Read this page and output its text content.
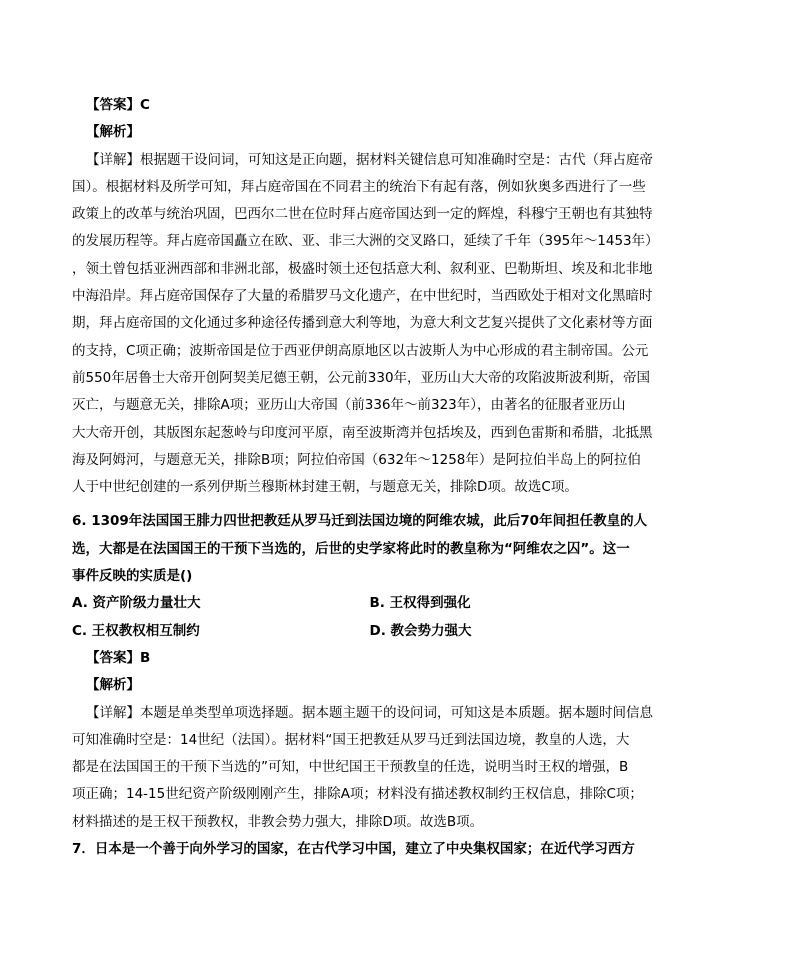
【答案】C
【解析】
【详解】根据题干设问词，可知这是正向题，据材料关键信息可知准确时空是：古代（拜占庭帝
国）。根据材料及所学可知，拜占庭帝国在不同君主的统治下有起有落，例如狄奥多西进行了一些
政策上的改革与统治巩固，巴西尔二世在位时拜占庭帝国达到一定的辉煌，科穆宁王朝也有其独特
的发展历程等。拜占庭帝国矗立在欧、亚、非三大洲的交叉路口，延续了千年（395年～1453年）
，领土曾包括亚洲西部和非洲北部，极盛时领土还包括意大利、叙利亚、巴勒斯坦、埃及和北非地
中海沿岸。拜占庭帝国保存了大量的希腊罗马文化遗产，在中世纪时，当西欧处于相对文化黑暗时
期，拜占庭帝国的文化通过多种途径传播到意大利等地，为意大利文艺复兴提供了文化素材等方面
的支持，C项正确；波斯帝国是位于西亚伊朗高原地区以古波斯人为中心形成的君主制帝国。公元
前550年居鲁士大帝开创阿契美尼德王朝，公元前330年，亚历山大大帝的攻陷波斯波利斯，帝国
灭亡，与题意无关，排除A项；亚历山大帝国（前336年～前323年），由著名的征服者亚历山
大大帝开创，其版图东起葱岭与印度河平原，南至波斯湾并包括埃及，西到色雷斯和希腊，北抵黑
海及阿姆河，与题意无关，排除B项；阿拉伯帝国（632年～1258年）是阿拉伯半岛上的阿拉伯
人于中世纪创建的一系列伊斯兰穆斯林封建王朝，与题意无关，排除D项。故选C项。
6. 1309年法国国王腓力四世把教廷从罗马迁到法国边境的阿维农城，此后70年间担任教皇的人
选，大都是在法国国王的干预下当选的，后世的史学家将此时的教皇称为“阿维农之囚”。这一
事件反映的实质是()
A. 资产阶级力量壮大	B. 王权得到强化
C. 王权教权相互制约	D. 教会势力强大
【答案】B
【解析】
【详解】本题是单类型单项选择题。据本题主题干的设问词，可知这是本质题。据本题时间信息
可知准确时空是：14世纪（法国）。据材料“国王把教廷从罗马迁到法国边境，教皇的人选，大
都是在法国国王的干预下当选的”可知，中世纪国王干预教皇的任选，说明当时王权的增强，B
项正确；14-15世纪资产阶级刚刚产生，排除A项；材料没有描述教权制约王权信息，排除C项；
材料描述的是王权干预教权，非教会势力强大，排除D项。故选B项。
7．日本是一个善于向外学习的国家，在古代学习中国，建立了中央集权国家；在近代学习西方
